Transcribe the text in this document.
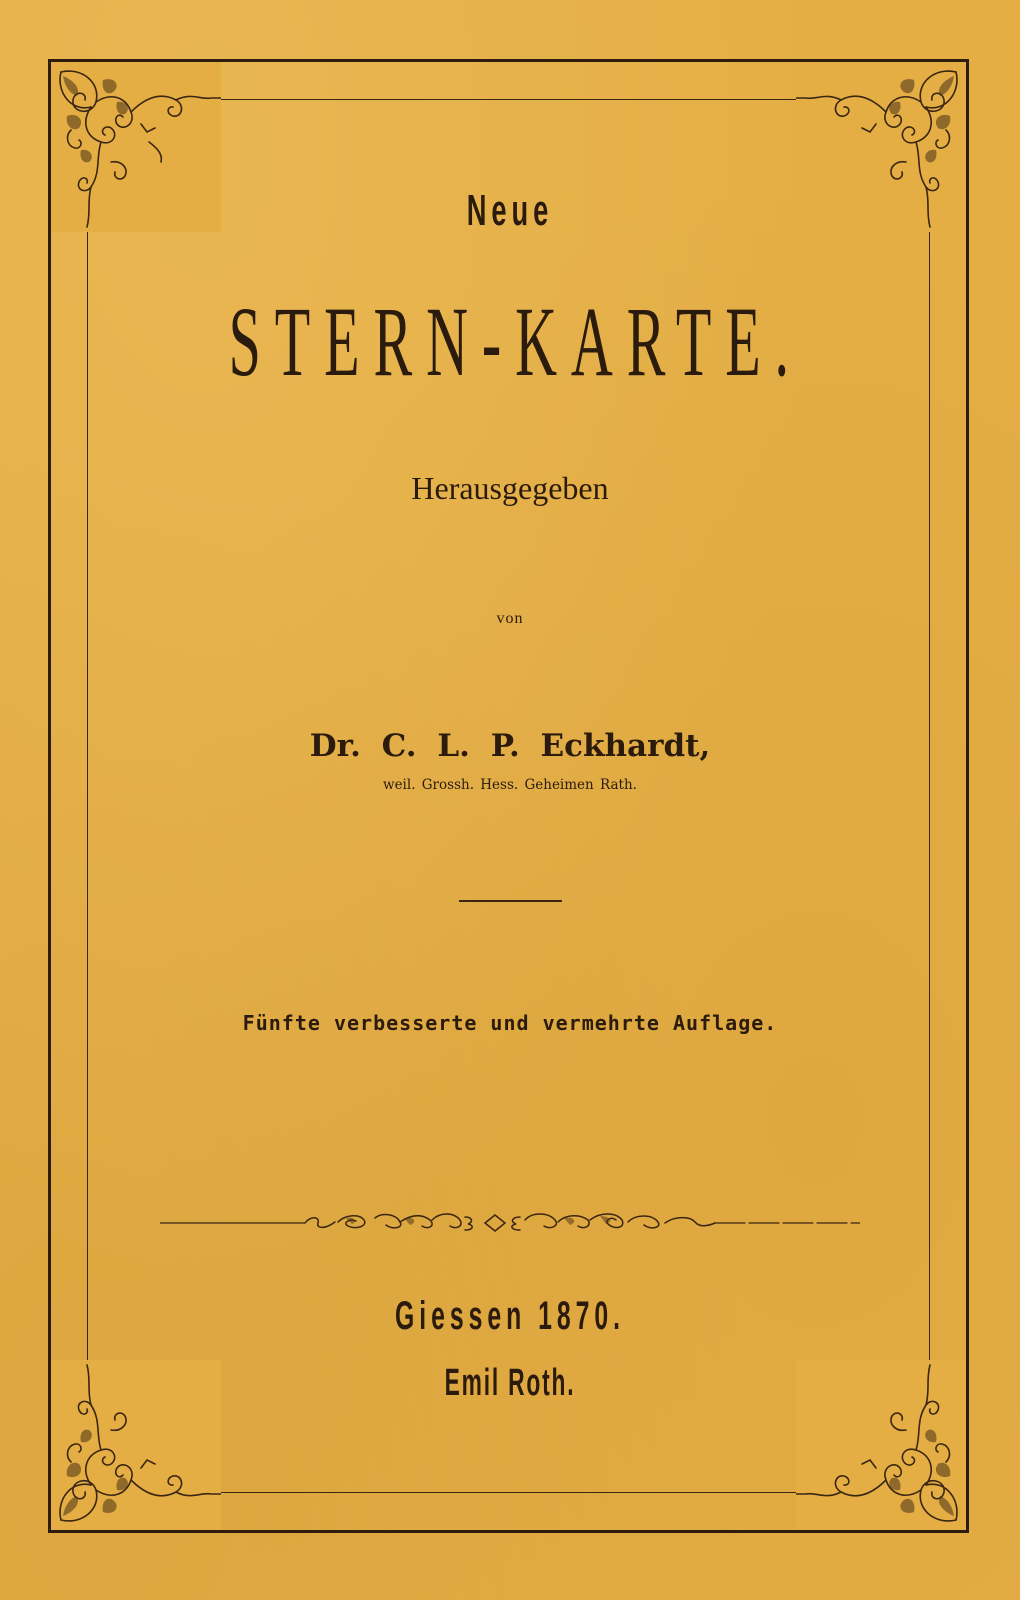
Neue
STERN-KARTE.
Herausgegeben
von
Dr. C. L. P. Eckhardt,
weil. Grossh. Hess. Geheimen Rath.
Fünfte verbesserte und vermehrte Auflage.
Giessen 1870.
Emil Roth.
